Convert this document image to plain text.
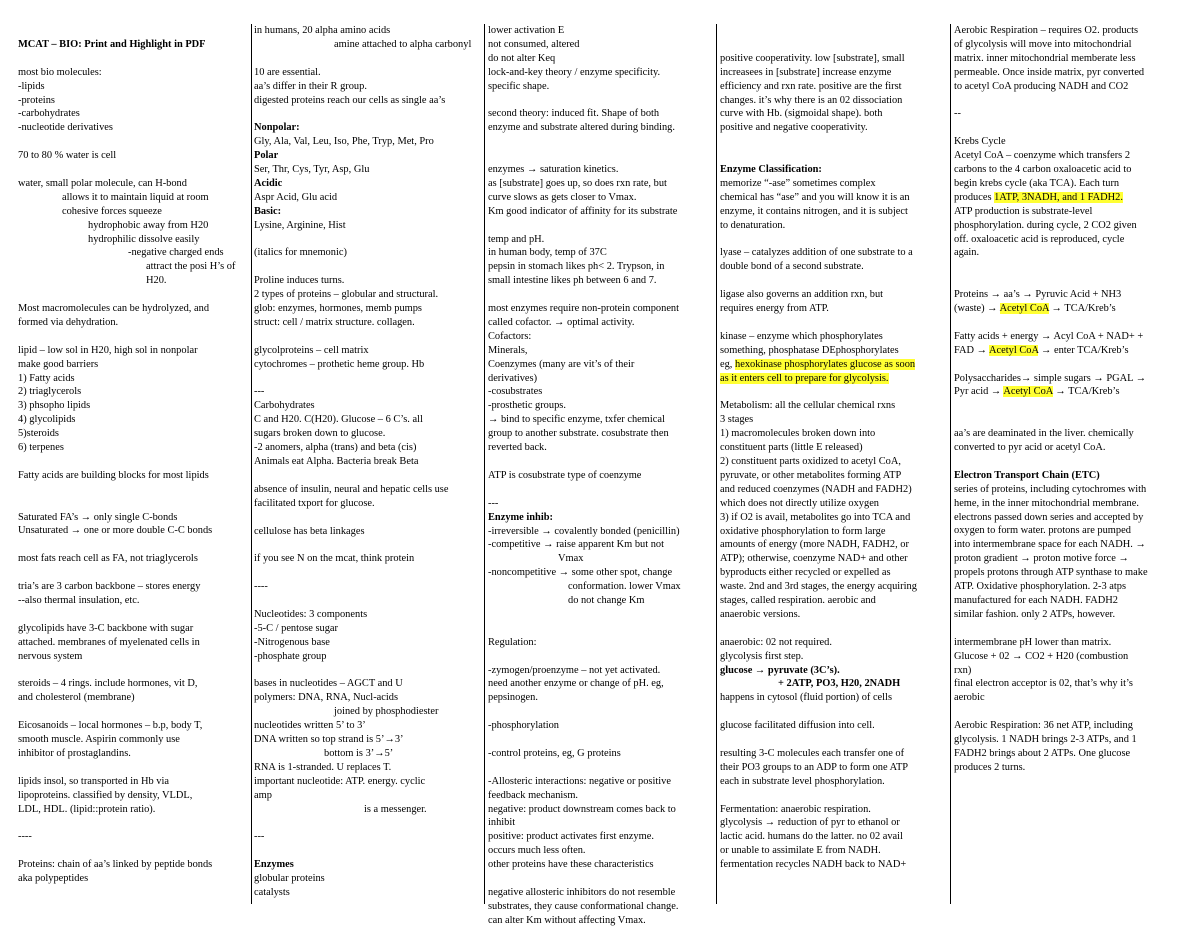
MCAT – BIO: Print and Highlight in PDF
most bio molecules:
-lipids
-proteins
-carbohydrates
-nucleotide derivatives
70 to 80 % water is cell
water, small polar molecule, can H-bond
allows it to maintain liquid at room
cohesive forces squeeze
hydrophobic away from H20
hydrophilic dissolve easily
-negative charged ends
attract the posi H’s of
H20.
Most macromolecules can be hydrolyzed, and
formed via dehydration.
lipid – low sol in H20, high sol in nonpolar
make good barriers
1) Fatty acids
2) triaglycerols
3) phsopho lipids
4) glycolipids
5)steroids
6) terpenes
Fatty acids are building blocks for most lipids
Saturated FA’s → only single C-bonds
Unsaturated → one or more double C-C bonds
most fats reach cell as FA, not triaglycerols
tria’s are 3 carbon backbone – stores energy
--also thermal insulation, etc.
glycolipids have 3-C backbone with sugar
attached. membranes of myelenated cells in
nervous system
steroids – 4 rings. include hormones, vit D,
and cholesterol (membrane)
Eicosanoids – local hormones – b.p, body T,
smooth muscle. Aspirin commonly use
inhibitor of prostaglandins.
lipids insol, so transported in Hb via
lipoproteins. classified by density, VLDL,
LDL, HDL. (lipid::protein ratio).
----
Proteins: chain of aa’s linked by peptide bonds
aka polypeptides
in humans, 20 alpha amino acids
amine attached to alpha carbonyl
10 are essential.
aa’s differ in their R group.
digested proteins reach our cells as single aa’s
Nonpolar:
Gly, Ala, Val, Leu, Iso, Phe, Tryp, Met, Pro
Polar
Ser, Thr, Cys, Tyr, Asp, Glu
Acidic
Aspr Acid, Glu acid
Basic:
Lysine, Arginine, Hist
(italics for mnemonic)
Proline induces turns.
2 types of proteins – globular and structural.
glob: enzymes, hormones, memb pumps
struct: cell / matrix structure. collagen.
glycolproteins – cell matrix
cytochromes – prothetic heme group. Hb
---
Carbohydrates
C and H20. C(H20). Glucose – 6 C’s. all
sugars broken down to glucose.
-2 anomers, alpha (trans) and beta (cis)
Animals eat Alpha. Bacteria break Beta
absence of insulin, neural and hepatic cells use
facilitated txport for glucose.
cellulose has beta linkages
if you see N on the mcat, think protein
----
Nucleotides: 3 components
-5-C / pentose sugar
-Nitrogenous base
-phosphate group
bases in nucleotides – AGCT and U
polymers: DNA, RNA, Nucl-acids
joined by phosphodiester
nucleotides written 5’ to 3’
DNA written so top strand is 5’→3’
bottom is 3’→5’
RNA is 1-stranded. U replaces T.
important nucleotide: ATP. energy. cyclic
amp
is a messenger.
---
Enzymes
globular proteins
catalysts
lower activation E
not consumed, altered
do not alter Keq
lock-and-key theory / enzyme specificity.
specific shape.
second theory: induced fit. Shape of both
enzyme and substrate altered during binding.
enzymes → saturation kinetics.
as [substrate] goes up, so does rxn rate, but
curve slows as gets closer to Vmax.
Km good indicator of affinity for its substrate
temp and pH.
in human body, temp of 37C
pepsin in stomach likes ph< 2. Trypson, in
small intestine likes ph between 6 and 7.
most enzymes require non-protein component
called cofactor. → optimal activity.
Cofactors:
Minerals,
Coenzymes (many are vit’s of their
derivatives)
-cosubstrates
-prosthetic groups.
→ bind to specific enzyme, txfer chemical
group to another substrate. cosubstrate then
reverted back.
ATP is cosubstrate type of coenzyme
---
Enzyme inhib:
-irreversible → covalently bonded (penicillin)
-competitive → raise apparent Km but not
Vmax
-noncompetitive → some other spot, change
conformation. lower Vmax
do not change Km
Regulation:
-zymogen/proenzyme – not yet activated.
need another enzyme or change of pH. eg,
pepsinogen.
-phosphorylation
-control proteins, eg, G proteins
-Allosteric interactions: negative or positive
feedback mechanism.
negative: product downstream comes back to
inhibit
positive: product activates first enzyme.
occurs much less often.
other proteins have these characteristics
negative allosteric inhibitors do not resemble
substrates, they cause conformational change.
can alter Km without affecting Vmax.
positive cooperativity. low [substrate], small
increasees in [substrate] increase enzyme
efficiency and rxn rate. positive are the first
changes. it’s why there is an 02 dissociation
curve with Hb. (sigmoidal shape). both
positive and negative cooperativity.
Enzyme Classification:
memorize “-ase” sometimes complex
chemical has “ase” and you will know it is an
enzyme, it contains nitrogen, and it is subject
to denaturation.
lyase – catalyzes addition of one substrate to a
double bond of a second substrate.
ligase also governs an addition rxn, but
requires energy from ATP.
kinase – enzyme which phosphorylates
something, phosphatase DEphosphorylates
eg, hexokinase phosphorylates glucose as soon
as it enters cell to prepare for glycolysis.
Metabolism: all the cellular chemical rxns
3 stages
1) macromolecules broken down into
constituent parts (little E released)
2) constituent parts oxidized to acetyl CoA,
pyruvate, or other metabolites forming ATP
and reduced coenzymes (NADH and FADH2)
which does not directly utilize oxygen
3) if O2 is avail, metabolites go into TCA and
oxidative phosphorylation to form large
amounts of energy (more NADH, FADH2, or
ATP); otherwise, coenzyme NAD+ and other
byproducts either recycled or expelled as
waste. 2nd and 3rd stages, the energy acquiring
stages, called respiration. aerobic and
anaerobic versions.
anaerobic: 02 not required.
glycolysis first step.
glucose → pyruvate (3C’s).
+ 2ATP, PO3, H20, 2NADH
happens in cytosol (fluid portion) of cells
glucose facilitated diffusion into cell.
resulting 3-C molecules each transfer one of
their PO3 groups to an ADP to form one ATP
each in substrate level phosphorylation.
Fermentation: anaerobic respiration.
glycolysis → reduction of pyr to ethanol or
lactic acid. humans do the latter. no 02 avail
or unable to assimilate E from NADH.
fermentation recycles NADH back to NAD+
Aerobic Respiration – requires O2. products
of glycolysis will move into mitochondrial
matrix. inner mitochondrial memberate less
permeable. Once inside matrix, pyr converted
to acetyl CoA producing NADH and CO2
--
Krebs Cycle
Acetyl CoA – coenzyme which transfers 2
carbons to the 4 carbon oxaloacetic acid to
begin krebs cycle (aka TCA). Each turn
produces 1ATP, 3NADH, and 1 FADH2.
ATP production is substrate-level
phosphorylation. during cycle, 2 CO2 given
off. oxaloacetic acid is reproduced, cycle
again.
Proteins → aa’s → Pyruvic Acid + NH3
(waste) → Acetyl CoA → TCA/Kreb’s
Fatty acids + energy → Acyl CoA + NAD+ +
FAD → Acetyl CoA → enter TCA/Kreb’s
Polysaccharides→ simple sugars → PGAL →
Pyr acid → Acetyl CoA → TCA/Kreb’s
aa’s are deaminated in the liver. chemically
converted to pyr acid or acetyl CoA.
Electron Transport Chain (ETC)
series of proteins, including cytochromes with
heme, in the inner mitochondrial membrane.
electrons passed down series and accepted by
oxygen to form water. protons are pumped
into intermembrane space for each NADH. →
proton gradient → proton motive force →
propels protons through ATP synthase to make
ATP. Oxidative phosphorylation. 2-3 atps
manufactured for each NADH. FADH2
similar fashion. only 2 ATPs, however.
intermembrane pH lower than matrix.
Glucose + 02 → CO2 + H20 (combustion
rxn)
final electron acceptor is 02, that’s why it’s
aerobic
Aerobic Respiration: 36 net ATP, including
glycolysis. 1 NADH brings 2-3 ATPs, and 1
FADH2 brings about 2 ATPs. One glucose
produces 2 turns.
